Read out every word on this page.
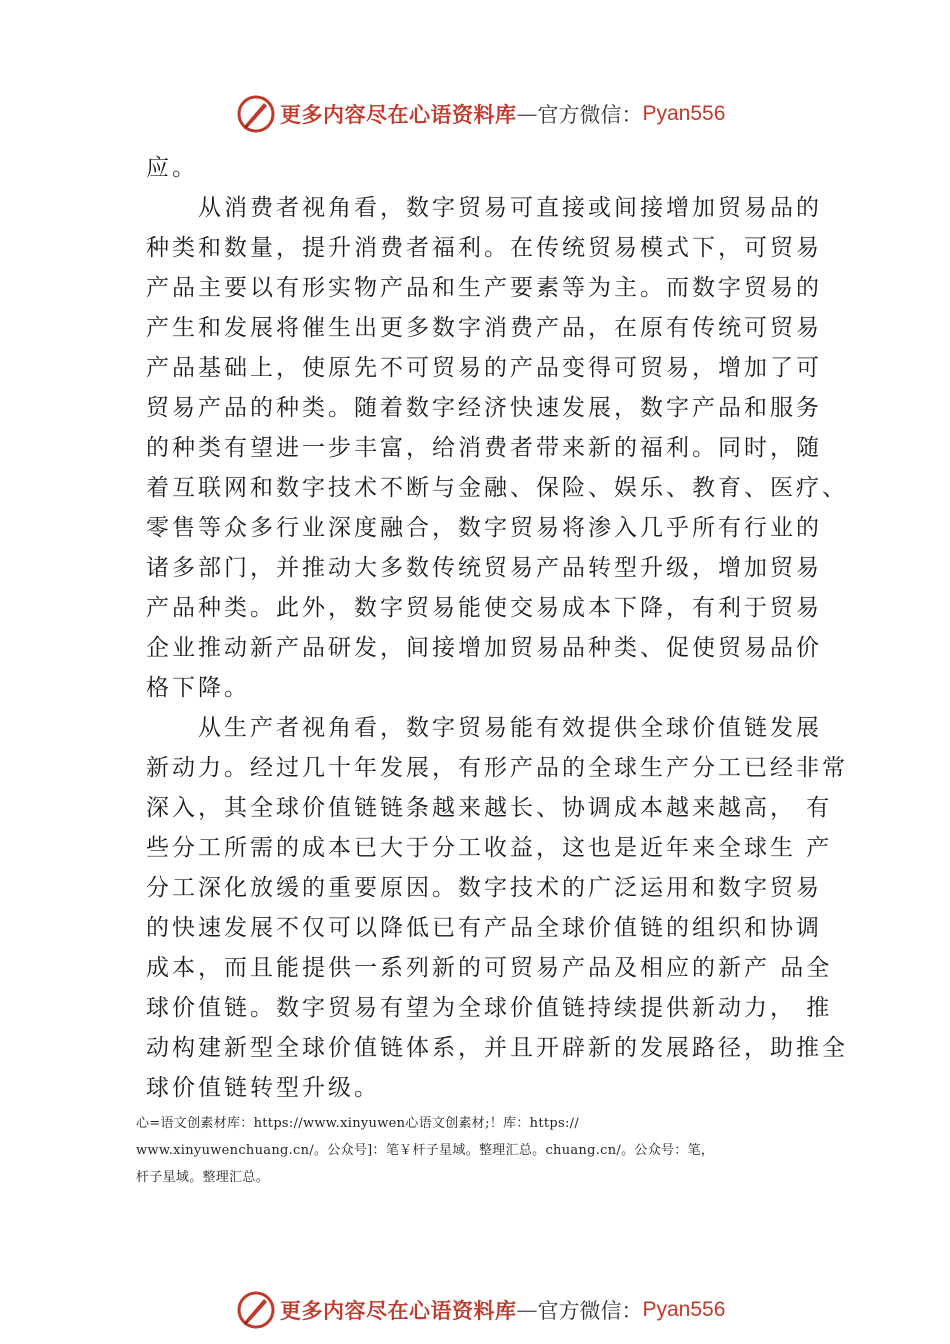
更多内容尽在心语资料库 — 官方微信： Pyan556
应。
　　从消费者视角看，数字贸易可直接或间接增加贸易品的
种类和数量，提升消费者福利。在传统贸易模式下，可贸易
产品主要以有形实物产品和生产要素等为主。而数字贸易的
产生和发展将催生出更多数字消费产品，在原有传统可贸易
产品基础上，使原先不可贸易的产品变得可贸易，增加了可
贸易产品的种类。随着数字经济快速发展，数字产品和服务
的种类有望进一步丰富，给消费者带来新的福利。同时，随
着互联网和数字技术不断与金融、保险、娱乐、教育、医疗、
零售等众多行业深度融合，数字贸易将渗入几乎所有行业的
诸多部门，并推动大多数传统贸易产品转型升级，增加贸易
产品种类。此外，数字贸易能使交易成本下降，有利于贸易
企业推动新产品研发，间接增加贸易品种类、促使贸易品价
格下降。
　　从生产者视角看，数字贸易能有效提供全球价值链发展
新动力。经过几十年发展，有形产品的全球生产分工已经非常
深入，其全球价值链链条越来越长、协调成本越来越高， 有
些分工所需的成本已大于分工收益，这也是近年来全球生 产
分工深化放缓的重要原因。数字技术的广泛运用和数字贸易
的快速发展不仅可以降低已有产品全球价值链的组织和协调
成本，而且能提供一系列新的可贸易产品及相应的新产 品全
球价值链。数字贸易有望为全球价值链持续提供新动力， 推
动构建新型全球价值链体系，并且开辟新的发展路径，助推全
球价值链转型升级。
心=语文创素材库：https://www.xinyuwen心语文创素材;！库：https://
www.xinyuwenchuang.cn/。公众号]：笔￥杆子星域。整理汇总。chuang.cn/。公众号：笔，
杆子星域。整理汇总。
更多内容尽在心语资料库 — 官方微信： Pyan556
